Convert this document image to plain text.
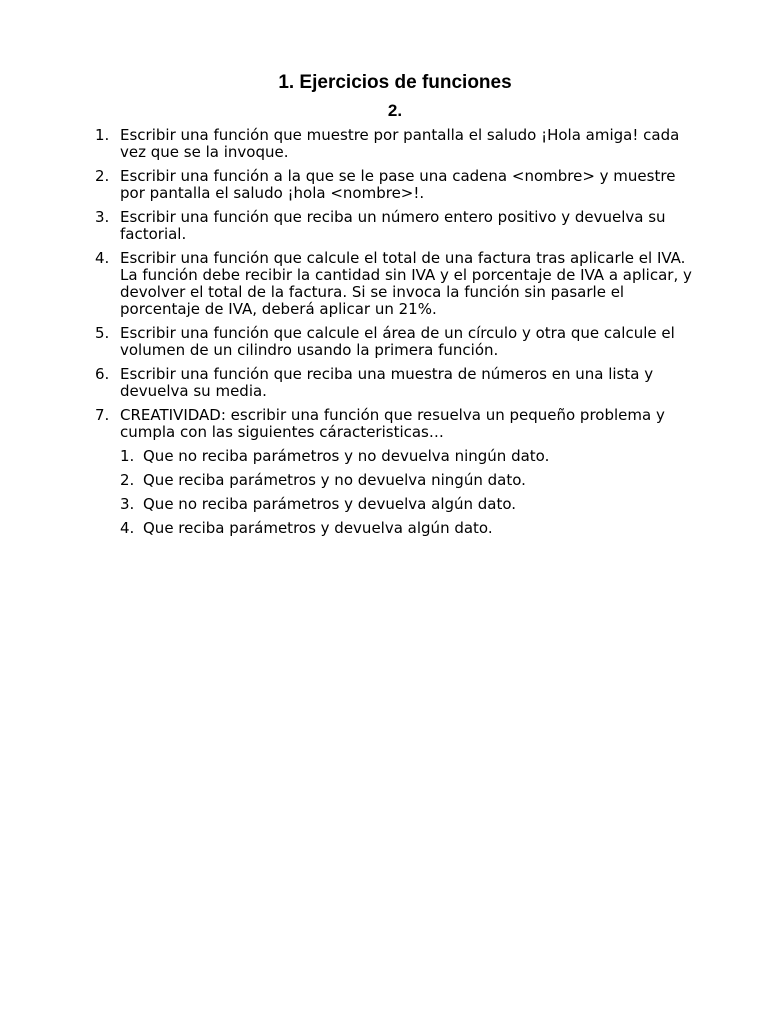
1. Ejercicios de funciones
2.
1. Escribir una función que muestre por pantalla el saludo ¡Hola amiga! cada vez que se la invoque.
2. Escribir una función a la que se le pase una cadena <nombre> y muestre por pantalla el saludo ¡hola <nombre>!.
3. Escribir una función que reciba un número entero positivo y devuelva su factorial.
4. Escribir una función que calcule el total de una factura tras aplicarle el IVA. La función debe recibir la cantidad sin IVA y el porcentaje de IVA a aplicar, y devolver el total de la factura. Si se invoca la función sin pasarle el porcentaje de IVA, deberá aplicar un 21%.
5. Escribir una función que calcule el área de un círculo y otra que calcule el volumen de un cilindro usando la primera función.
6. Escribir una función que reciba una muestra de números en una lista y devuelva su media.
7. CREATIVIDAD: escribir una función que resuelva un pequeño problema y cumpla con las siguientes cáracteristicas…
1. Que no reciba parámetros y no devuelva ningún dato.
2. Que reciba parámetros y no devuelva ningún dato.
3. Que no reciba parámetros y devuelva algún dato.
4. Que reciba parámetros y devuelva algún dato.
